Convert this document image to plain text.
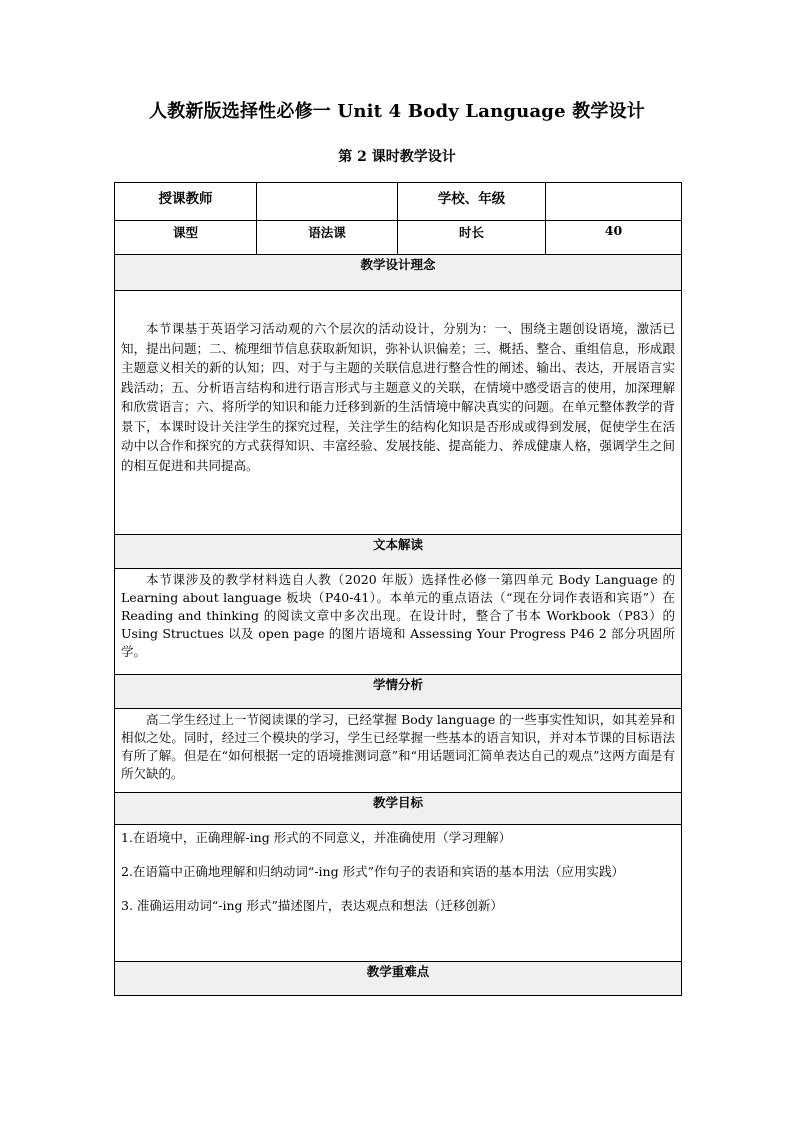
人教新版选择性必修一 Unit 4 Body Language 教学设计
第 2 课时教学设计
授课教师		学校、年级	
课型	语法课	时长	40
教学设计理念			

本节课基于英语学习活动观的六个层次的活动设计，分别为：一、围绕主题创设语境，激活已知，提出问题；二、梳理细节信息获取新知识，弥补认识偏差；三、概括、整合、重组信息，形成跟主题意义相关的新的认知；四、对于与主题的关联信息进行整合性的阐述、输出、表达，开展语言实践活动；五、分析语言结构和进行语言形式与主题意义的关联，在情境中感受语言的使用，加深理解和欣赏语言；六、将所学的知识和能力迁移到新的生活情境中解决真实的问题。在单元整体教学的背景下，本课时设计关注学生的探究过程，关注学生的结构化知识是否形成或得到发展，促使学生在活动中以合作和探究的方式获得知识、丰富经验、发展技能、提高能力、养成健康人格，强调学生之间的相互促进和共同提高。			

文本解读			

本节课涉及的教学材料选自人教（2020 年版）选择性必修一第四单元 Body Language 的 Learning about language 板块（P40-41）。本单元的重点语法（“现在分词作表语和宾语”）在 Reading and thinking 的阅读文章中多次出现。在设计时，整合了书本 Workbook（P83）的 Using Structues 以及 open page 的图片语境和 Assessing Your Progress P46 2 部分巩固所学。			

学情分析			

高二学生经过上一节阅读课的学习，已经掌握 Body language 的一些事实性知识，如其差异和相似之处。同时，经过三个模块的学习，学生已经掌握一些基本的语言知识，并对本节课的目标语法有所了解。但是在“如何根据一定的语境推测词意”和“用话题词汇简单表达自己的观点”这两方面是有所欠缺的。			

教学目标			

1.在语境中，正确理解-ing 形式的不同意义，并准确使用（学习理解）
2.在语篇中正确地理解和归纳动词“-ing 形式”作句子的表语和宾语的基本用法（应用实践）
3. 准确运用动词“-ing 形式”描述图片，表达观点和想法（迁移创新）			

教学重难点			
